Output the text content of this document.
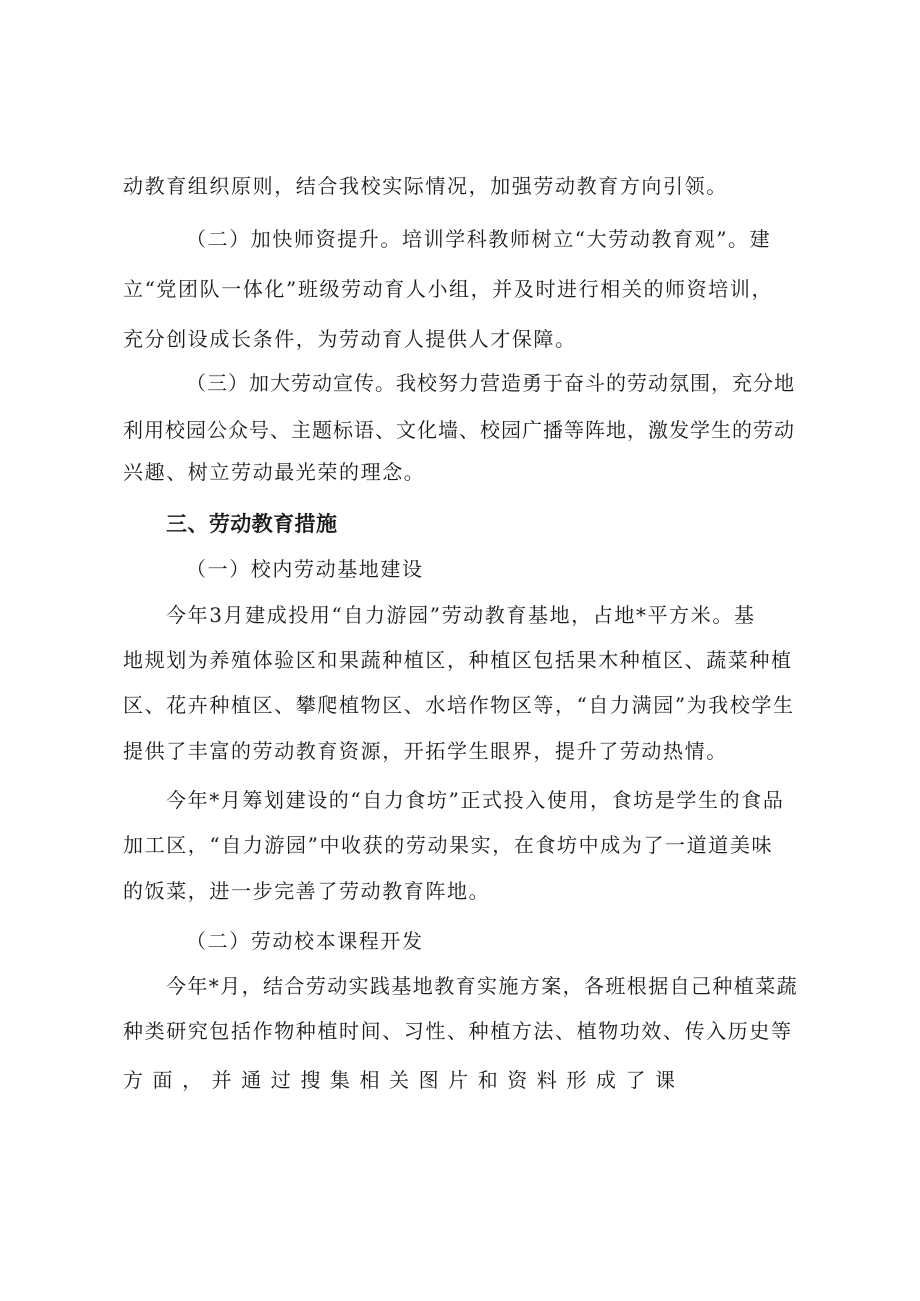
动教育组织原则，结合我校实际情况，加强劳动教育方向引领。
（二）加快师资提升。培训学科教师树立“大劳动教育观”。建
立“党团队一体化”班级劳动育人小组，并及时进行相关的师资培训，
充分创设成长条件，为劳动育人提供人才保障。
（三）加大劳动宣传。我校努力营造勇于奋斗的劳动氛围，充分地
利用校园公众号、主题标语、文化墙、校园广播等阵地，激发学生的劳动
兴趣、树立劳动最光荣的理念。
三、劳动教育措施
（一）校内劳动基地建设
今年3月建成投用“自力游园”劳动教育基地，占地*平方米。基
地规划为养殖体验区和果蔬种植区，种植区包括果木种植区、蔬菜种植
区、花卉种植区、攀爬植物区、水培作物区等，“自力满园”为我校学生
提供了丰富的劳动教育资源，开拓学生眼界，提升了劳动热情。
今年*月筹划建设的“自力食坊”正式投入使用，食坊是学生的食品
加工区，“自力游园”中收获的劳动果实，在食坊中成为了一道道美味
的饭菜，进一步完善了劳动教育阵地。
（二）劳动校本课程开发
今年*月，结合劳动实践基地教育实施方案，各班根据自己种植菜蔬
种类研究包括作物种植时间、习性、种植方法、植物功效、传入历史等
方 面 ， 并 通 过 搜 集 相 关 图 片 和 资 料 形 成 了 课
